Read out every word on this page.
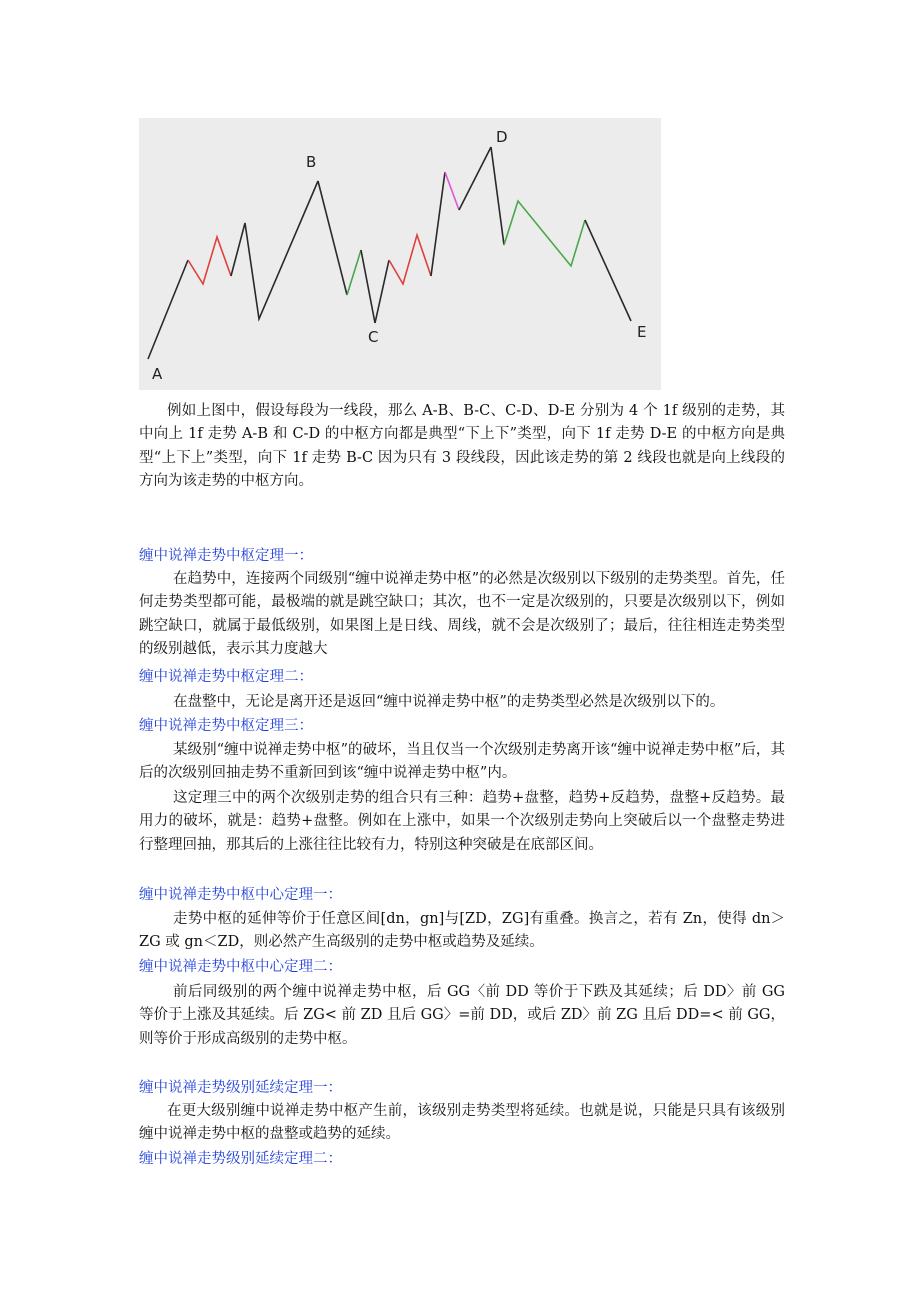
A
B
C
D
E

例如上图中，假设每段为一线段，那么 A-B、B-C、C-D、D-E 分别为 4 个 1f 级别的走势，其中向上 1f 走势 A-B 和 C-D 的中枢方向都是典型“下上下”类型，向下 1f 走势 D-E 的中枢方向是典型“上下上”类型，向下 1f 走势 B-C 因为只有 3 段线段，因此该走势的第 2 线段也就是向上线段的方向为该走势的中枢方向。

缠中说禅走势中枢定理一：

在趋势中，连接两个同级别“缠中说禅走势中枢”的必然是次级别以下级别的走势类型。首先，任何走势类型都可能，最极端的就是跳空缺口；其次，也不一定是次级别的，只要是次级别以下，例如跳空缺口，就属于最低级别，如果图上是日线、周线，就不会是次级别了；最后，往往相连走势类型的级别越低，表示其力度越大

缠中说禅走势中枢定理二：

在盘整中，无论是离开还是返回“缠中说禅走势中枢”的走势类型必然是次级别以下的。

缠中说禅走势中枢定理三：

某级别“缠中说禅走势中枢”的破坏，当且仅当一个次级别走势离开该“缠中说禅走势中枢”后，其后的次级别回抽走势不重新回到该“缠中说禅走势中枢”内。

这定理三中的两个次级别走势的组合只有三种：趋势+盘整，趋势+反趋势，盘整+反趋势。最用力的破坏，就是：趋势+盘整。例如在上涨中，如果一个次级别走势向上突破后以一个盘整走势进行整理回抽，那其后的上涨往往比较有力，特别这种突破是在底部区间。

缠中说禅走势中枢中心定理一：

走势中枢的延伸等价于任意区间[dn，gn]与[ZD，ZG]有重叠。换言之，若有 Zn，使得 dn＞ZG 或 gn＜ZD，则必然产生高级别的走势中枢或趋势及延续。

缠中说禅走势中枢中心定理二：

前后同级别的两个缠中说禅走势中枢，后 GG〈前 DD 等价于下跌及其延续；后 DD〉前 GG 等价于上涨及其延续。后 ZG< 前 ZD 且后 GG〉=前 DD，或后 ZD〉前 ZG 且后 DD=< 前 GG，则等价于形成高级别的走势中枢。

缠中说禅走势级别延续定理一：

在更大级别缠中说禅走势中枢产生前，该级别走势类型将延续。也就是说，只能是只具有该级别缠中说禅走势中枢的盘整或趋势的延续。

缠中说禅走势级别延续定理二：
